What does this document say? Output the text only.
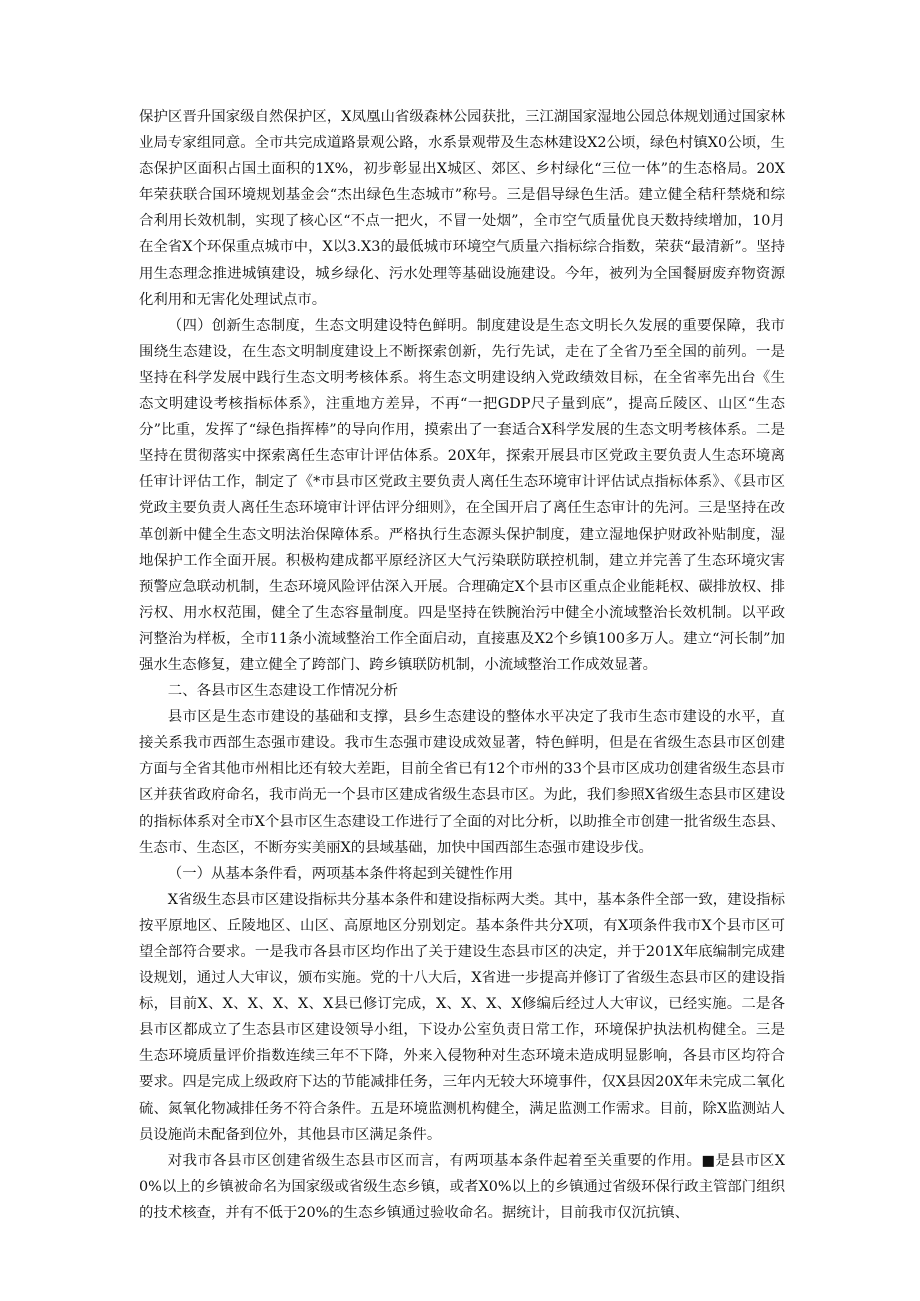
保护区晋升国家级自然保护区，X凤凰山省级森林公园获批，三江湖国家湿地公园总体规划通过国家林业局专家组同意。全市共完成道路景观公路，水系景观带及生态林建设X2公顷，绿色村镇X0公顷，生态保护区面积占国土面积的1X%，初步彰显出X城区、郊区、乡村绿化“三位一体”的生态格局。20X年荣获联合国环境规划基金会“杰出绿色生态城市”称号。三是倡导绿色生活。建立健全秸秆禁烧和综合利用长效机制，实现了核心区“不点一把火，不冒一处烟”，全市空气质量优良天数持续增加，10月在全省X个环保重点城市中，X以3.X3的最低城市环境空气质量六指标综合指数，荣获“最清新”。坚持用生态理念推进城镇建设，城乡绿化、污水处理等基础设施建设。今年，被列为全国餐厨废弃物资源化利用和无害化处理试点市。

（四）创新生态制度，生态文明建设特色鲜明。制度建设是生态文明长久发展的重要保障，我市围绕生态建设，在生态文明制度建设上不断探索创新，先行先试，走在了全省乃至全国的前列。一是坚持在科学发展中践行生态文明考核体系。将生态文明建设纳入党政绩效目标，在全省率先出台《生态文明建设考核指标体系》，注重地方差异，不再“一把GDP尺子量到底”，提高丘陵区、山区“生态分”比重，发挥了“绿色指挥棒”的导向作用，摸索出了一套适合X科学发展的生态文明考核体系。二是坚持在贯彻落实中探索离任生态审计评估体系。20X年，探索开展县市区党政主要负责人生态环境离任审计评估工作，制定了《*市县市区党政主要负责人离任生态环境审计评估试点指标体系》、《县市区党政主要负责人离任生态环境审计评估评分细则》，在全国开启了离任生态审计的先河。三是坚持在改革创新中健全生态文明法治保障体系。严格执行生态源头保护制度，建立湿地保护财政补贴制度，湿地保护工作全面开展。积极构建成都平原经济区大气污染联防联控机制，建立并完善了生态环境灾害预警应急联动机制，生态环境风险评估深入开展。合理确定X个县市区重点企业能耗权、碳排放权、排污权、用水权范围，健全了生态容量制度。四是坚持在铁腕治污中健全小流域整治长效机制。以平政河整治为样板，全市11条小流域整治工作全面启动，直接惠及X2个乡镇100多万人。建立“河长制”加强水生态修复，建立健全了跨部门、跨乡镇联防机制，小流域整治工作成效显著。

二、各县市区生态建设工作情况分析

县市区是生态市建设的基础和支撑，县乡生态建设的整体水平决定了我市生态市建设的水平，直接关系我市西部生态强市建设。我市生态强市建设成效显著，特色鲜明，但是在省级生态县市区创建方面与全省其他市州相比还有较大差距，目前全省已有12个市州的33个县市区成功创建省级生态县市区并获省政府命名，我市尚无一个县市区建成省级生态县市区。为此，我们参照X省级生态县市区建设的指标体系对全市X个县市区生态建设工作进行了全面的对比分析，以助推全市创建一批省级生态县、生态市、生态区，不断夯实美丽X的县域基础，加快中国西部生态强市建设步伐。

（一）从基本条件看，两项基本条件将起到关键性作用

X省级生态县市区建设指标共分基本条件和建设指标两大类。其中，基本条件全部一致，建设指标按平原地区、丘陵地区、山区、高原地区分别划定。基本条件共分X项，有X项条件我市X个县市区可望全部符合要求。一是我市各县市区均作出了关于建设生态县市区的决定，并于201X年底编制完成建设规划，通过人大审议，颁布实施。党的十八大后，X省进一步提高并修订了省级生态县市区的建设指标，目前X、X、X、X、X、X县已修订完成，X、X、X、X修编后经过人大审议，已经实施。二是各县市区都成立了生态县市区建设领导小组，下设办公室负责日常工作，环境保护执法机构健全。三是生态环境质量评价指数连续三年不下降，外来入侵物种对生态环境未造成明显影响，各县市区均符合要求。四是完成上级政府下达的节能减排任务，三年内无较大环境事件，仅X县因20X年未完成二氧化硫、氮氧化物减排任务不符合条件。五是环境监测机构健全，满足监测工作需求。目前，除X监测站人员设施尚未配备到位外，其他县市区满足条件。

对我市各县市区创建省级生态县市区而言，有两项基本条件起着至关重要的作用。■是县市区X0%以上的乡镇被命名为国家级或省级生态乡镇，或者X0%以上的乡镇通过省级环保行政主管部门组织的技术核查，并有不低于20%的生态乡镇通过验收命名。据统计，目前我市仅沉抗镇、
